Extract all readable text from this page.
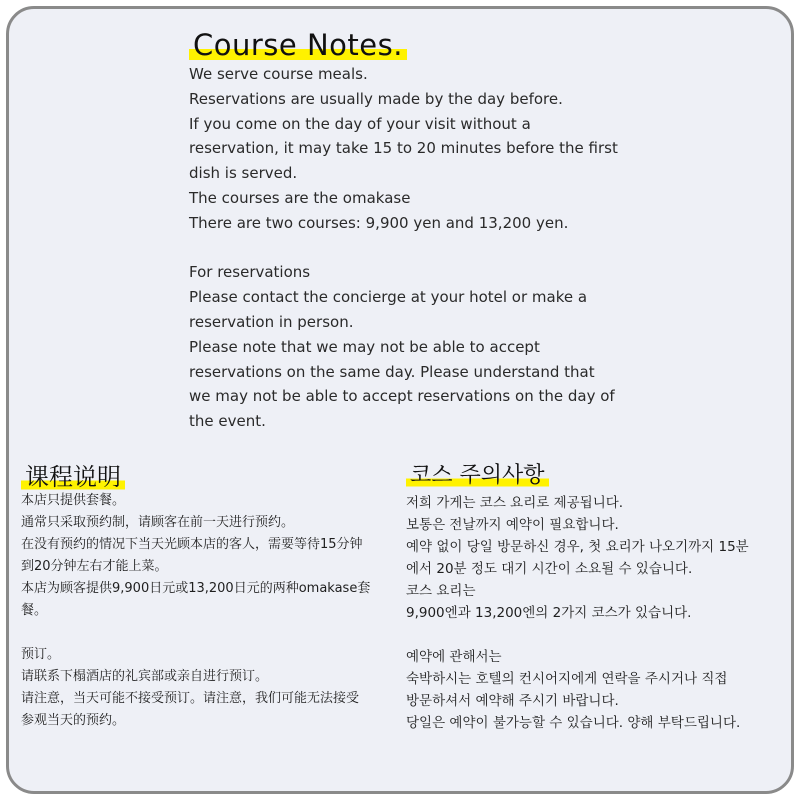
Course Notes.
We serve course meals.
Reservations are usually made by the day before.
If you come on the day of your visit without a
reservation, it may take 15 to 20 minutes before the first
dish is served.
The courses are the omakase
There are two courses: 9,900 yen and 13,200 yen.
For reservations
Please contact the concierge at your hotel or make a
reservation in person.
Please note that we may not be able to accept
reservations on the same day. Please understand that
we may not be able to accept reservations on the day of
the event.
课程说明
本店只提供套餐。
通常只采取预约制，请顾客在前一天进行预约。
在没有预约的情况下当天光顾本店的客人，需要等待15分钟
到20分钟左右才能上菜。
本店为顾客提供9,900日元或13,200日元的两种omakase套
餐。
预订。
请联系下榻酒店的礼宾部或亲自进行预订。
请注意，当天可能不接受预订。请注意，我们可能无法接受
参观当天的预约。
코스 주의사항
저희 가게는 코스 요리로 제공됩니다.
보통은 전날까지 예약이 필요합니다.
예약 없이 당일 방문하신 경우, 첫 요리가 나오기까지 15분
에서 20분 정도 대기 시간이 소요될 수 있습니다.
코스 요리는
9,900엔과 13,200엔의 2가지 코스가 있습니다.
예약에 관해서는
숙박하시는 호텔의 컨시어지에게 연락을 주시거나 직접
방문하셔서 예약해 주시기 바랍니다.
당일은 예약이 불가능할 수 있습니다. 양해 부탁드립니다.
